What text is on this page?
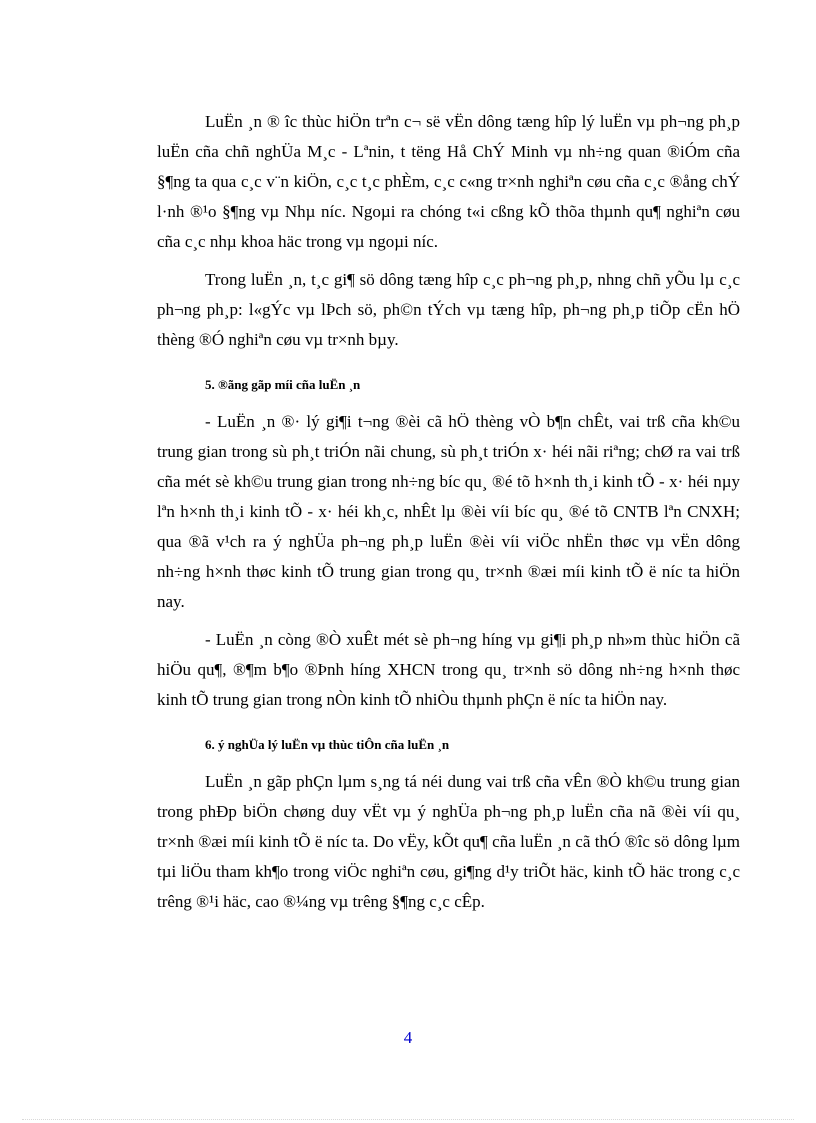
LuËn ¸n ® îc thùc hiÖn trªn c¬ së vËn dông tæng hîp lý luËn vµ ph¬ng ph¸p luËn cña chñ nghÜa M¸c - Lªnin, t tëng Hå ChÝ Minh vµ nh÷ng quan ®iÓm cña §¶ng ta qua c¸c v¨n kiÖn, c¸c t¸c phÈm, c¸c c«ng tr×nh nghiªn cøu cña c¸c ®ång chÝ l·nh ®¹o §¶ng vµ Nhµ níc. Ngoµi ra chóng t«i cßng kÕ thõa thµnh qu¶ nghiªn cøu cña c¸c nhµ khoa häc trong vµ ngoµi níc.

Trong luËn ¸n, t¸c gi¶ sö dông tæng hîp c¸c ph¬ng ph¸p, nhng chñ yÕu lµ c¸c ph¬ng ph¸p: l«gÝc vµ lÞch sö, ph©n tÝch vµ tæng hîp, ph¬ng ph¸p tiÕp cËn hÖ thèng ®Ó nghiªn cøu vµ tr×nh bµy.

5. ®ãng gãp míi cña luËn ¸n

- LuËn ¸n ®· lý gi¶i t¬ng ®èi cã hÖ thèng vÒ b¶n chÊt, vai trß cña kh©u trung gian trong sù ph¸t triÓn nãi chung, sù ph¸t triÓn x· héi nãi riªng; chØ ra vai trß cña mét sè kh©u trung gian trong nh÷ng bíc qu¸ ®é tõ h×nh th¸i kinh tÕ - x· héi nµy lªn h×nh th¸i kinh tÕ - x· héi kh¸c, nhÊt lµ ®èi víi bíc qu¸ ®é tõ CNTB lªn CNXH; qua ®ã v¹ch ra ý nghÜa ph¬ng ph¸p luËn ®èi víi viÖc nhËn thøc vµ vËn dông nh÷ng h×nh thøc kinh tÕ trung gian trong qu¸ tr×nh ®æi míi kinh tÕ ë níc ta hiÖn nay.

- LuËn ¸n còng ®Ò xuÊt mét sè ph¬ng híng vµ gi¶i ph¸p nh»m thùc hiÖn cã hiÖu qu¶, ®¶m b¶o ®Þnh híng XHCN trong qu¸ tr×nh sö dông nh÷ng h×nh thøc kinh tÕ trung gian trong nÒn kinh tÕ nhiÒu thµnh phÇn ë níc ta hiÖn nay.

6. ý nghÜa lý luËn vµ thùc tiÔn cña luËn ¸n

LuËn ¸n gãp phÇn lµm s¸ng tá néi dung vai trß cña vÊn ®Ò kh©u trung gian trong phÐp biÖn chøng duy vËt vµ ý nghÜa ph¬ng ph¸p luËn cña nã ®èi víi qu¸ tr×nh ®æi míi kinh tÕ ë níc ta. Do vËy, kÕt qu¶ cña luËn ¸n cã thÓ ®îc sö dông lµm tµi liÖu tham kh¶o trong viÖc nghiªn cøu, gi¶ng d¹y triÕt häc, kinh tÕ häc trong c¸c trêng ®¹i häc, cao ®¼ng vµ trêng §¶ng c¸c cÊp.

4
